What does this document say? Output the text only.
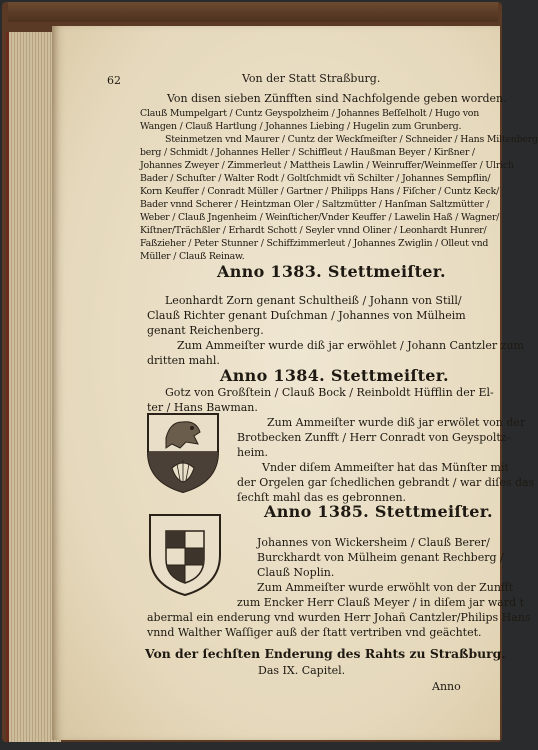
62	Von der Statt Straßburg.
Von disen sieben Zünfften sind Nachfolgende geben worden.
Clauß Mumpelgart / Cuntz Geyspolzheim / Johannes Beſſelholt / Hugo von
Wangen / Clauß Hartlung / Johannes Liebing / Hugelin zum Grunberg.
Steinmetzen vnd Maurer / Cuntz der Weckſmeiſter / Schneider / Hans Miltenberg
berg / Schmidt / Johannes Heller / Schiffleut / Haußman Beyer / Kirßner /
Johannes Zweyer / Zimmerleut / Mattheis Lawlin / Weinruffer/Weinmeſſer / Ulrich
Bader / Schuſter / Walter Rodt / Goltſchmidt vñ Schilter / Johannes Sempflin/
Korn Keuffer / Conradt Müller / Gartner / Philipps Hans / Fiſcher / Cuntz Keck/
Bader vnnd Scherer / Heintzman Oler / Saltzmütter / Hanſman Saltzmütter /
Weber / Clauß Jngenheim / Weinſticher/Vnder Keuffer / Lawelin Haß / Wagner/
Kiſtner/Trächßler / Erhardt Schott / Seyler vnnd Oliner / Leonhardt Hunrer/
Faßzieher / Peter Stunner / Schiffzimmerleut / Johannes Zwiglin / Olleut vnd
Müller / Clauß Reinaw.
Anno 1383. Stettmeiſter.
Leonhardt Zorn genant Schultheiß / Johann von Still/
Clauß Richter genant Duſchman / Johannes von Mülheim
genant Reichenberg.
Zum Ammeiſter wurde diß jar erwöhlet / Johann Cantzler zum
dritten mahl.
Anno 1384. Stettmeiſter.
Gotz von Großſtein / Clauß Bock / Reinboldt Hüfflin der El-
ter / Hans Bawman.
Zum Ammeiſter wurde diß jar erwölet von der
Brotbecken Zunfft / Herr Conradt von Geyspoltz-
heim.
Vnder diſem Ammeiſter hat das Münſter mit
der Orgelen gar ſchedlichen gebrandt / war diſes das
ſechſt mahl das es gebronnen.
Anno 1385. Stettmeiſter.
Johannes von Wickersheim / Clauß Berer/
Burckhardt von Mülheim genant Rechberg /
Clauß Noplin.
Zum Ammeiſter wurde erwöhlt von der Zunfft
zum Encker Herr Clauß Meyer / in diſem jar ward t
abermal ein enderung vnd wurden Herr Johañ Cantzler/Philips Hans
vnnd Walther Waſſiger auß der ſtatt vertriben vnd geächtet.
Von der ſechſten Enderung des Rahts zu Straßburg.
Das IX. Capitel.
Anno
